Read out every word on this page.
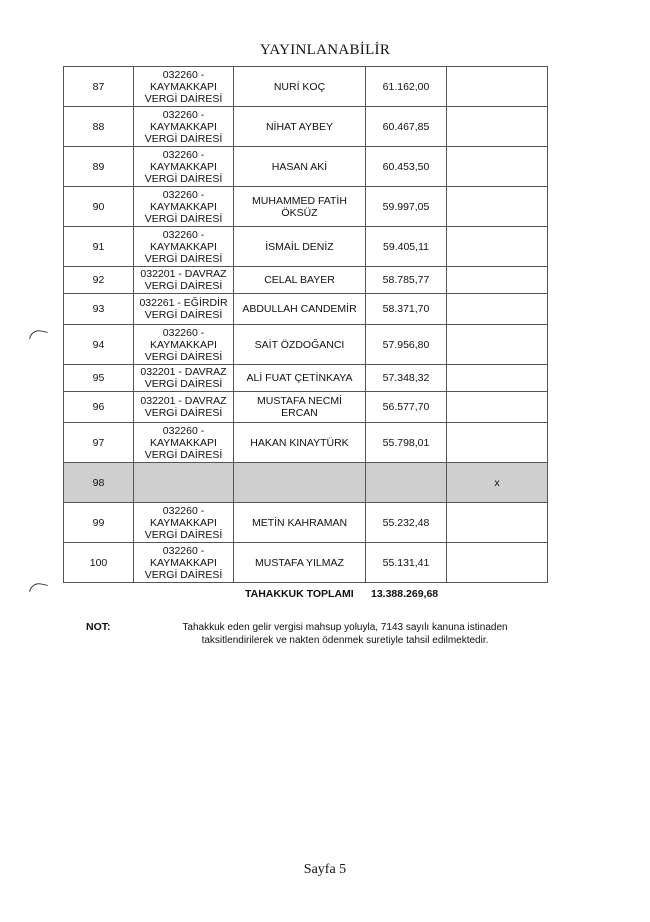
YAYINLANABİLİR
87	032260 -
KAYMAKKAPI
VERGİ DAİRESİ	NURİ KOÇ	61.162,00	
88	032260 -
KAYMAKKAPI
VERGİ DAİRESİ	NİHAT AYBEY	60.467,85	
89	032260 -
KAYMAKKAPI
VERGİ DAİRESİ	HASAN AKİ	60.453,50	
90	032260 -
KAYMAKKAPI
VERGİ DAİRESİ	MUHAMMED FATİH
ÖKSÜZ	59.997,05	
91	032260 -
KAYMAKKAPI
VERGİ DAİRESİ	İSMAİL DENİZ	59.405,11	
92	032201 - DAVRAZ
VERGİ DAİRESİ	CELAL BAYER	58.785,77	
93	032261 - EĞİRDİR
VERGİ DAİRESİ	ABDULLAH CANDEMİR	58.371,70	
94	032260 -
KAYMAKKAPI
VERGİ DAİRESİ	SAİT ÖZDOĞANCI	57.956,80	
95	032201 - DAVRAZ
VERGİ DAİRESİ	ALİ FUAT ÇETİNKAYA	57.348,32	
96	032201 - DAVRAZ
VERGİ DAİRESİ	MUSTAFA NECMİ
ERCAN	56.577,70	
97	032260 -
KAYMAKKAPI
VERGİ DAİRESİ	HAKAN KINAYTÜRK	55.798,01	
98				x
99	032260 -
KAYMAKKAPI
VERGİ DAİRESİ	METİN KAHRAMAN	55.232,48	
100	032260 -
KAYMAKKAPI
VERGİ DAİRESİ	MUSTAFA YILMAZ	55.131,41	
TAHAKKUK TOPLAMI 13.388.269,68
NOT:	Tahakkuk eden gelir vergisi mahsup yoluyla, 7143 sayılı kanuna istinaden taksitlendirilerek ve nakten ödenmek suretiyle tahsil edilmektedir.
Sayfa 5
